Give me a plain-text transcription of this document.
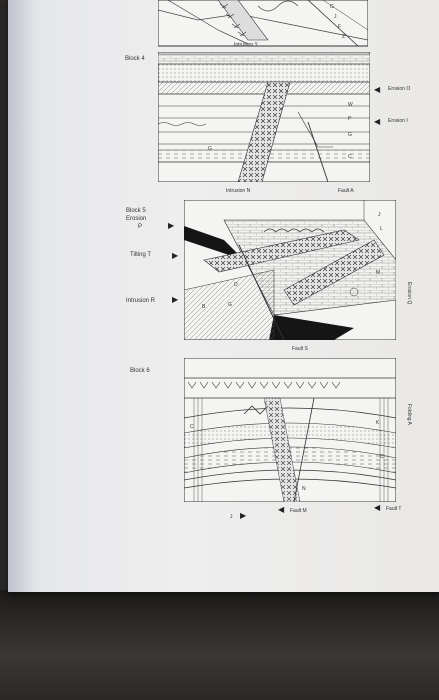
Intrusion Y
G
J
F
Z
Block 4
Erosion O
◀
Erosion I
◀
W
P
G
G
C
Intrusion N	Fault A
Block 5
Erosion
P
Tilting T
Intrusion R
J
L
M
D
B	G
Fault S
Erosion Q
▶
▶
▶
Block 6
C
K
C
N
J
Fault M	Fault T
Folding A
◀
◀
▶
